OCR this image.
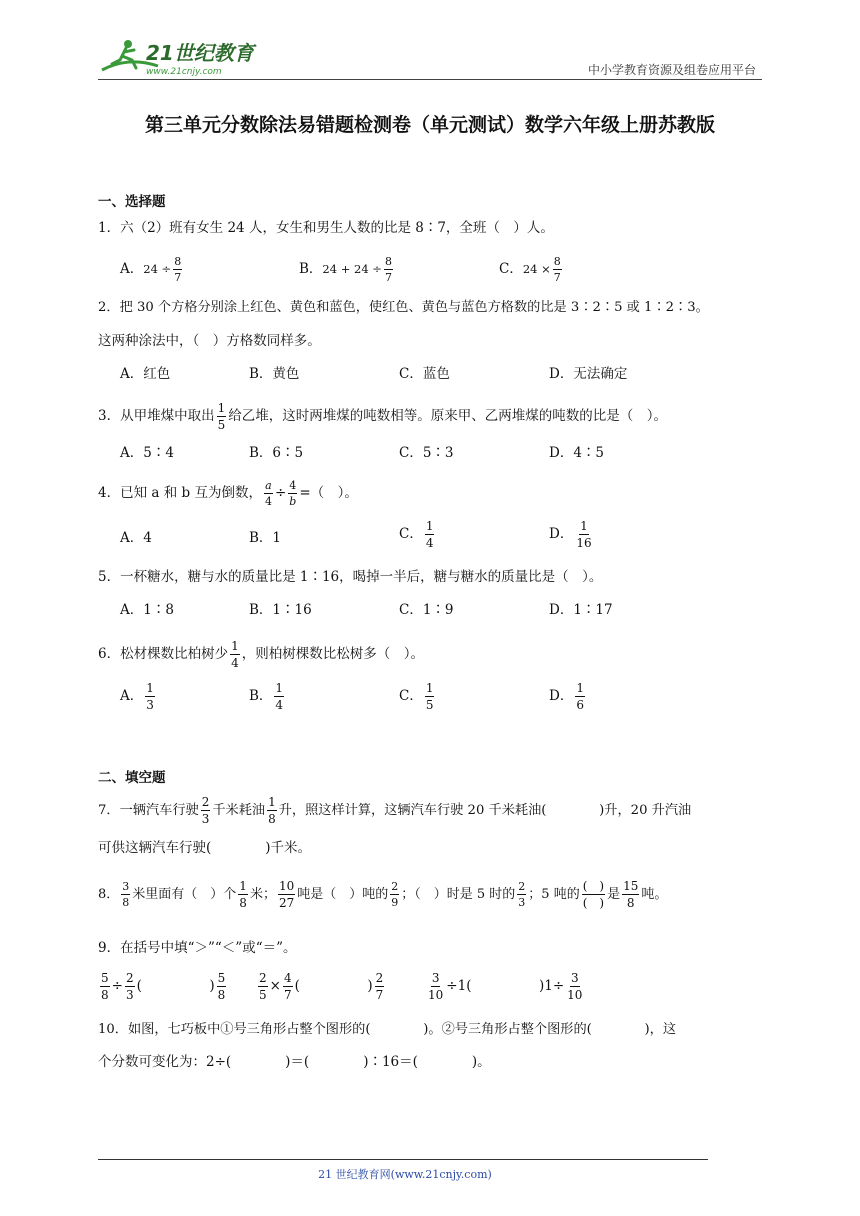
21世纪教育
www.21cnjy.com	中小学教育资源及组卷应用平台
第三单元分数除法易错题检测卷（单元测试）数学六年级上册苏教版
一、选择题
1．六（2）班有女生 24 人，女生和男生人数的比是 8∶7，全班（　）人。
A．$24 \div \frac{8}{7}$	B．$24 + 24 \div \frac{8}{7}$	C．$24 \times \frac{8}{7}$
2．把 30 个方格分别涂上红色、黄色和蓝色，使红色、黄色与蓝色方格数的比是 3∶2∶5 或 1∶2∶3。
这两种涂法中，（　）方格数同样多。
A．红色	B．黄色	C．蓝色	D．无法确定
3．从甲堆煤中取出 $\frac{1}{5}$ 给乙堆，这时两堆煤的吨数相等。原来甲、乙两堆煤的吨数的比是（　）。
A．5∶4	B．6∶5	C．5∶3	D．4∶5
4．已知 a 和 b 互为倒数， $\frac{a}{4} \div \frac{4}{b}$ =（　）。
A．4	B．1	C． $\frac{1}{4}$	D． $\frac{1}{16}$
5．一杯糖水，糖与水的质量比是 1∶16，喝掉一半后，糖与糖水的质量比是（　）。
A．1∶8	B．1∶16	C．1∶9	D．1∶17
6．松材棵数比柏树少 $\frac{1}{4}$ ，则柏树棵数比松树多（　）。
A． $\frac{1}{3}$	B． $\frac{1}{4}$	C． $\frac{1}{5}$	D． $\frac{1}{6}$
二、填空题
7．一辆汽车行驶 $\frac{2}{3}$ 千米耗油 $\frac{1}{8}$ 升，照这样计算，这辆汽车行驶 20 千米耗油(　　　　)升，20 升汽油
可供这辆汽车行驶(　　　　)千米。
8． $\frac{3}{8}$ 米里面有（　）个 $\frac{1}{8}$ 米； $\frac{10}{27}$ 吨是（　）吨的 $\frac{2}{9}$ ；（　）时是 5 时的 $\frac{2}{3}$ ；5 吨的 $\frac{( )}{( )}$ 是 $\frac{15}{8}$ 吨。
9．在括号中填“＞”“＜”或“＝”。
$\frac{5}{8} \div \frac{2}{3}$ (　　　　　) $\frac{5}{8}$	$\frac{2}{5} \times \frac{4}{7}$ (　　　　　) $\frac{2}{7}$	$\frac{3}{10} \div 1$(　　　　　)$1\div \frac{3}{10}$
10．如图，七巧板中①号三角形占整个图形的(　　　　)。②号三角形占整个图形的(　　　　)，这
个分数可变化为：2÷(　　　　)＝(　　　　)∶16＝(　　　　)。
21 世纪教育网(www.21cnjy.com)
